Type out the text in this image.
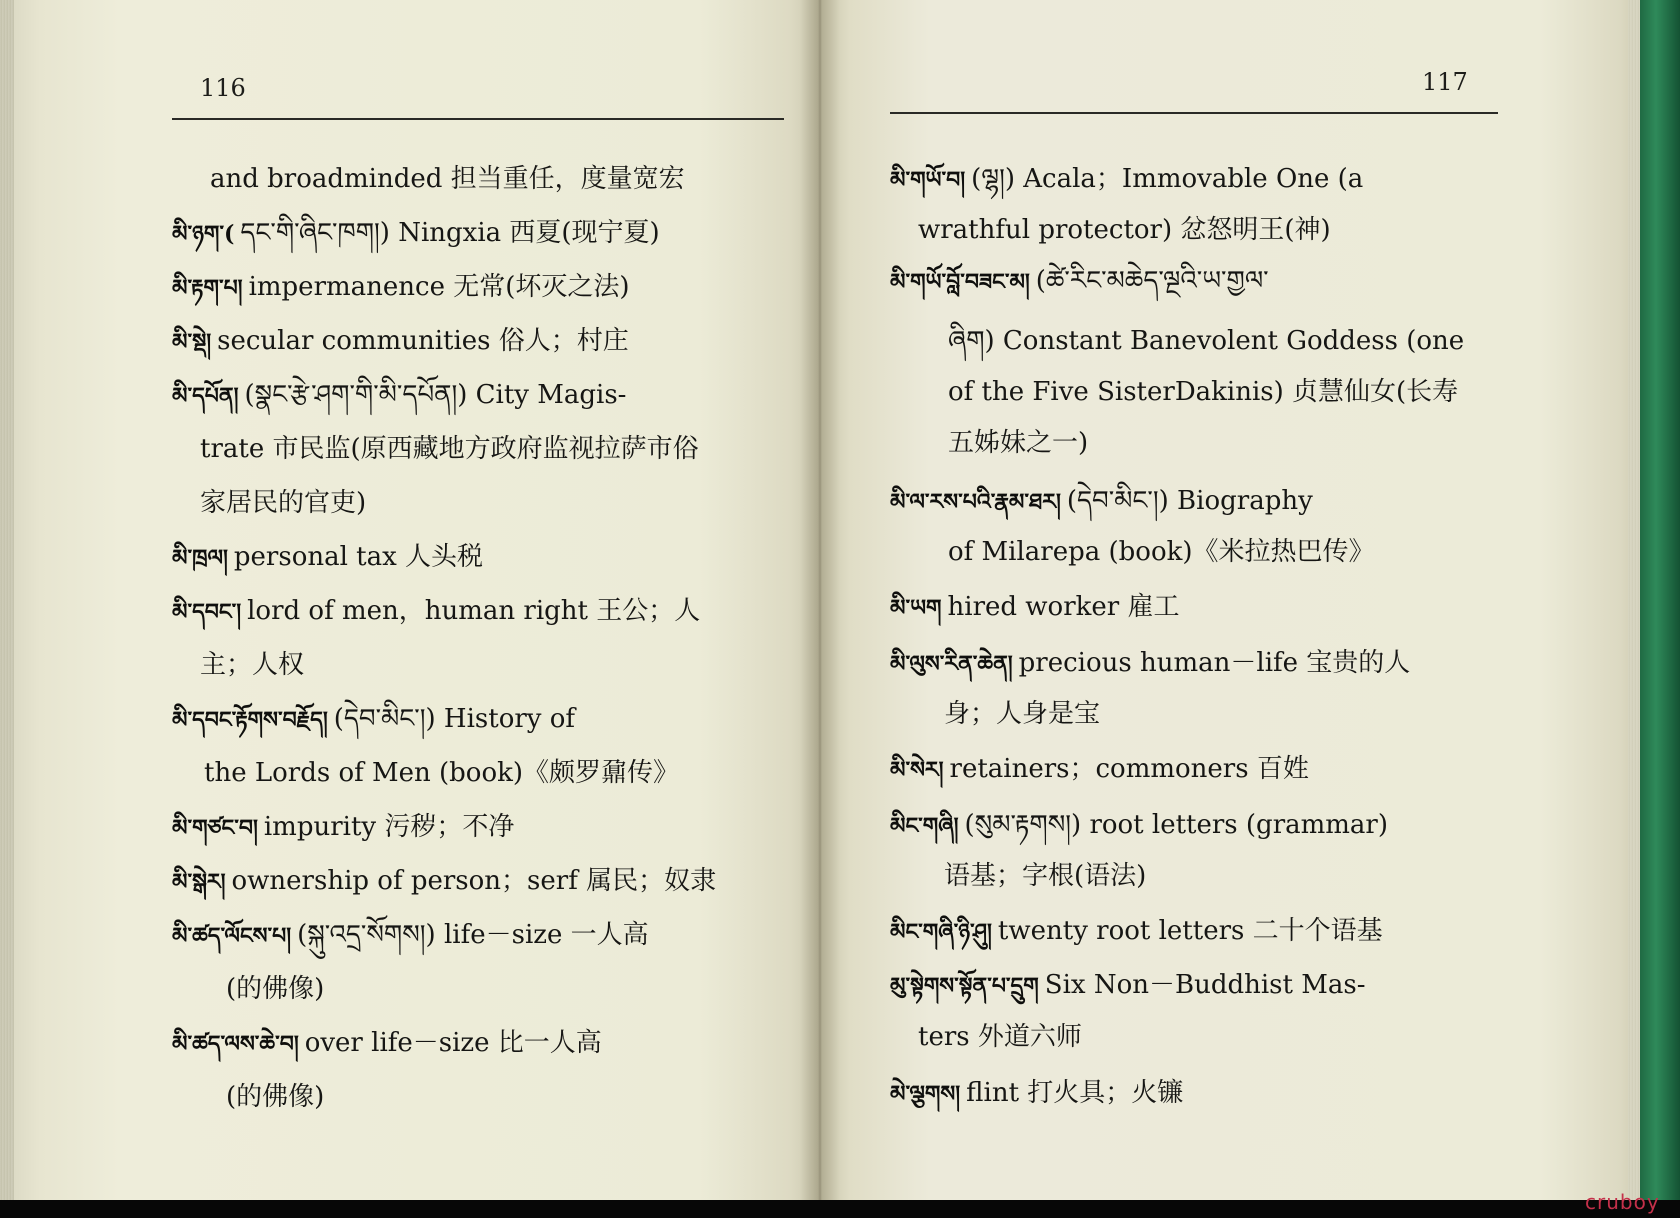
116
and broadminded 担当重任，度量宽宏
མི་ཉག་( དང་གི་ཞིང་ཁག།) Ningxia 西夏(现宁夏)
མི་རྟག་པ། impermanence 无常(坏灭之法)
མི་སྡེ། secular communities 俗人；村庄
མི་དཔོན། (སྣང་རྩེ་ཤག་གི་མི་དཔོན།) City Magis-
trate 市民监(原西藏地方政府监视拉萨市俗
家居民的官吏)
མི་ཁྲལ། personal tax 人头税
མི་དབང་། lord of men，human right 王公；人
主；人权
མི་དབང་རྟོགས་བརྗོད། (དེབ་མིང་།) History of
the Lords of Men (book)《颇罗鼐传》
མི་གཙང་བ། impurity 污秽；不净
མི་སྒེར། ownership of person；serf 属民；奴隶
མི་ཚད་ལོངས་པ། (སྐུ་འདྲ་སོགས།) life－size 一人高
(的佛像)
མི་ཚད་ལས་ཆེ་བ། over life－size 比一人高
(的佛像)
117
མི་གཡོ་བ། (ལྷ།) Acala；Immovable One (a
wrathful protector) 忿怒明王(神)
མི་གཡོ་བློ་བཟང་མ། (ཚེ་རིང་མཆེད་ལྔའི་ཡ་གྱལ་
ཞིག) Constant Banevolent Goddess (one
of the Five SisterDakinis) 贞慧仙女(长寿
五姊妹之一)
མི་ལ་རས་པའི་རྣམ་ཐར། (དེབ་མིང་།) Biography
of Milarepa (book)《米拉热巴传》
མི་ཡག hired worker 雇工
མི་ལུས་རིན་ཆེན། precious human－life 宝贵的人
身；人身是宝
མི་སེར། retainers；commoners 百姓
མིང་གཞི། (སུམ་རྟགས།) root letters (grammar)
语基；字根(语法)
མིང་གཞི་ཉི་ཤུ། twenty root letters 二十个语基
མུ་སྟེགས་སྟོན་པ་དྲུག Six Non－Buddhist Mas-
ters 外道六师
མེ་ལྕགས། flint 打火具；火镰
cruboy
